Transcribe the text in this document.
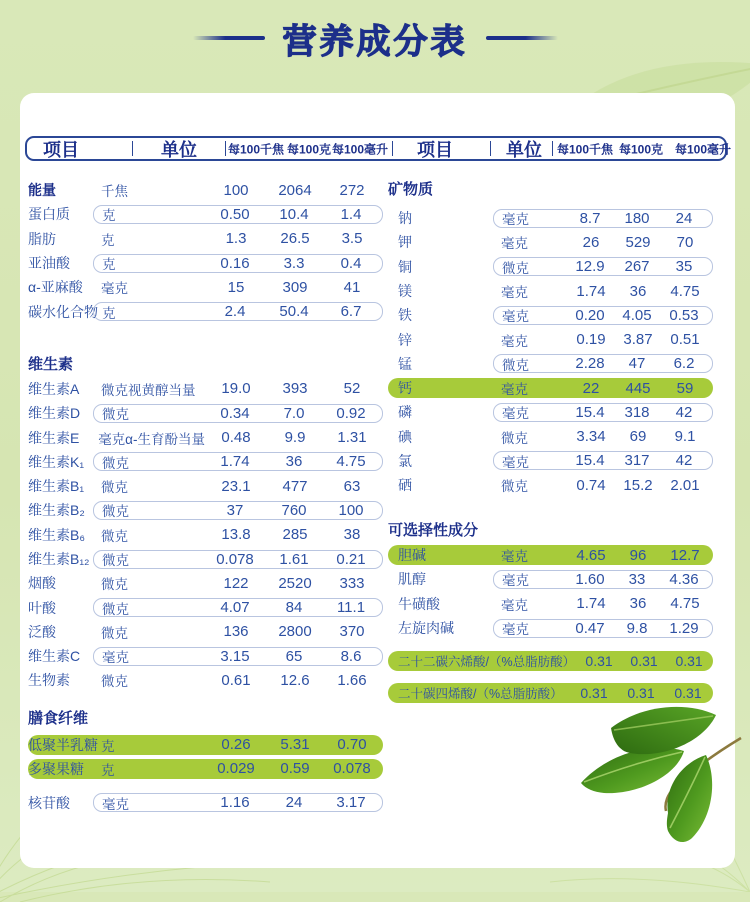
营养成分表
项目	单位	每100千焦 每100克 每100毫升 项目	单位 每100千焦 每100克 每100毫升
能量	千焦	100	2064	272
蛋白质	克	0.50	10.4	1.4
脂肪	克	1.3	26.5	3.5
亚油酸	克	0.16	3.3	0.4
α-亚麻酸	毫克	15	309	41
碳水化合物 克	2.4	50.4	6.7
维生素
维生素A	微克视黄醇当量	19.0	393	52
维生素D	微克	0.34	7.0	0.92
维生素E	毫克α-生育酚当量	0.48	9.9	1.31
维生素K₁	微克	1.74	36	4.75
维生素B₁	微克	23.1	477	63
维生素B₂	微克	37	760	100
维生素B₆	微克	13.8	285	38
维生素B₁₂ 微克	0.078	1.61	0.21
烟酸	微克	122	2520	333
叶酸	微克	4.07	84	11.1
泛酸	微克	136	2800	370
维生素C	毫克	3.15	65	8.6
生物素	微克	0.61	12.6	1.66
膳食纤维
低聚半乳糖 克	0.26	5.31	0.70
多聚果糖	克	0.029	0.59	0.078
核苷酸	毫克	1.16	24	3.17
矿物质
钠	毫克	8.7	180	24
钾	毫克	26	529	70
铜	微克	12.9	267	35
镁	毫克	1.74	36	4.75
铁	毫克	0.20	4.05	0.53
锌	毫克	0.19	3.87	0.51
锰	微克	2.28	47	6.2
钙	毫克	22	445	59
磷	毫克	15.4	318	42
碘	微克	3.34	69	9.1
氯	毫克	15.4	317	42
硒	微克	0.74	15.2	2.01
可选择性成分
胆碱	毫克	4.65	96	12.7
肌醇	毫克	1.60	33	4.36
牛磺酸	毫克	1.74	36	4.75
左旋肉碱	毫克	0.47	9.8	1.29
二十二碳六烯酸/（%总脂肪酸） 0.31	0.31	0.31
二十碳四烯酸/（%总脂肪酸）	0.31	0.31	0.31
